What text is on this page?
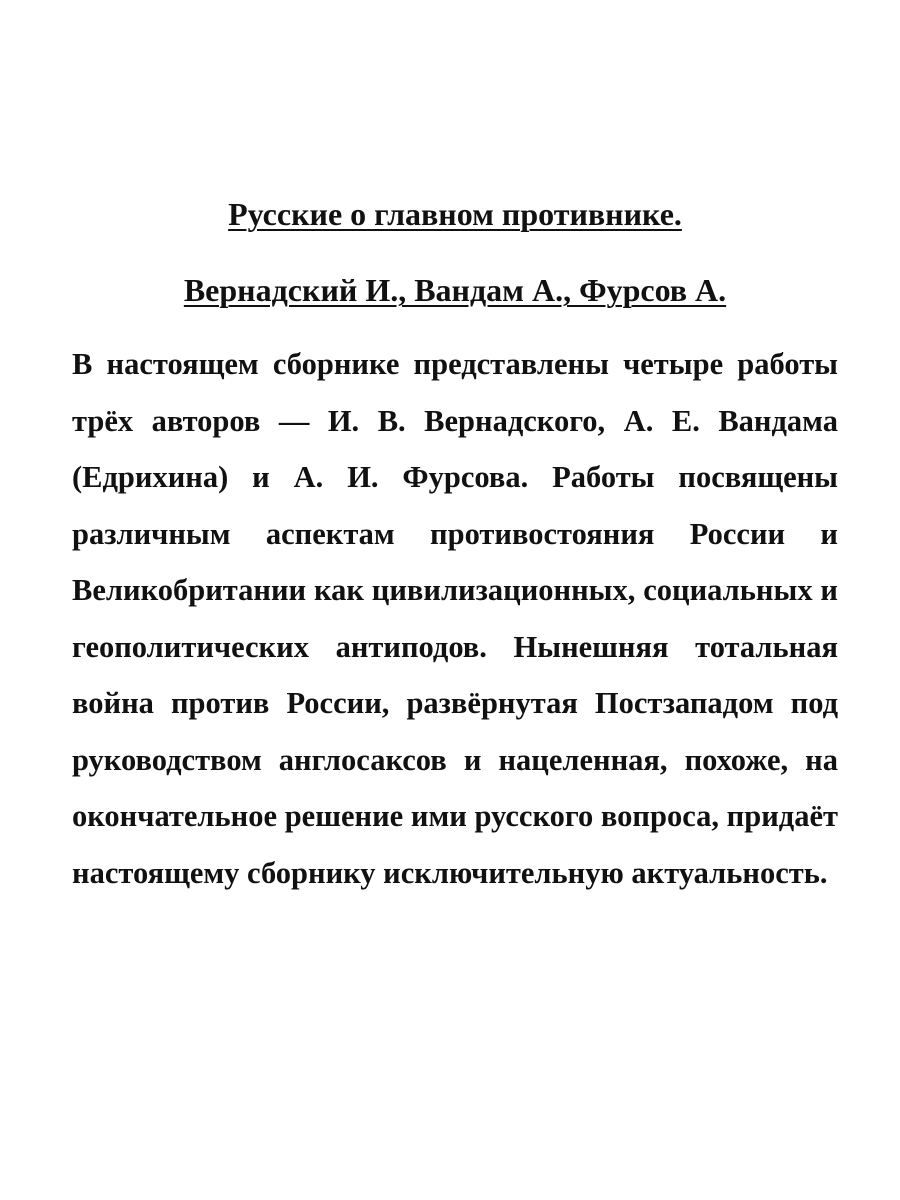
Русские о главном противнике.
Вернадский И., Вандам А., Фурсов А.

В настоящем сборнике представлены четыре работы трёх авторов — И. В. Вернадского, А. Е. Вандама (Едрихина) и А. И. Фурсова. Работы посвящены различным аспектам противостояния России и Великобритании как цивилизационных, социальных и геополитических антиподов. Нынешняя тотальная война против России, развёрнутая Постзападом под руководством англосаксов и нацеленная, похоже, на окончательное решение ими русского вопроса, придаёт настоящему сборнику исключительную актуальность.
